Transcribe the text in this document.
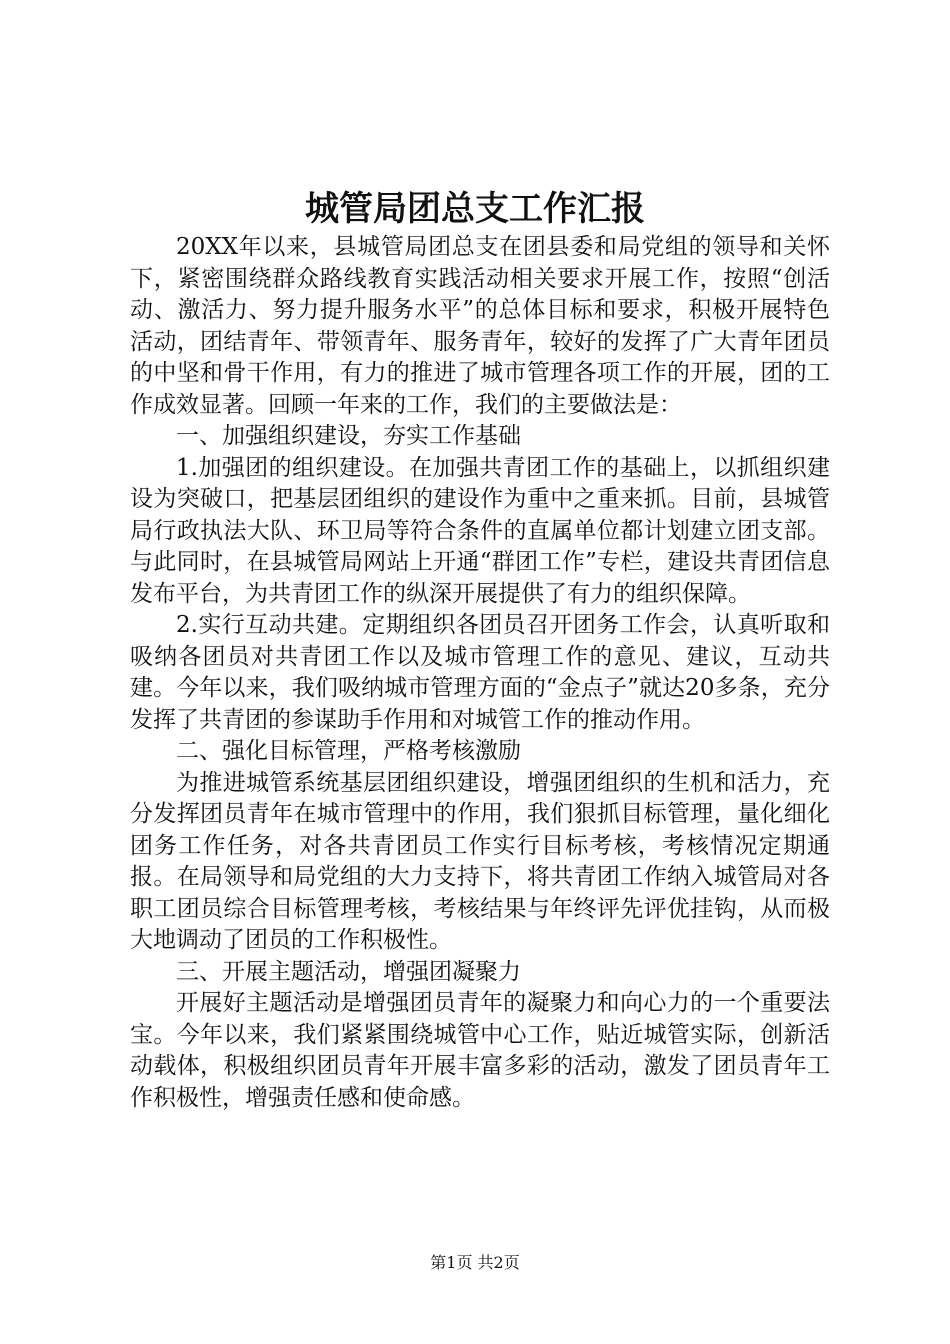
城管局团总支工作汇报

20XX年以来，县城管局团总支在团县委和局党组的领导和关怀下，紧密围绕群众路线教育实践活动相关要求开展工作，按照“创活动、激活力、努力提升服务水平”的总体目标和要求，积极开展特色活动，团结青年、带领青年、服务青年，较好的发挥了广大青年团员的中坚和骨干作用，有力的推进了城市管理各项工作的开展，团的工作成效显著。回顾一年来的工作，我们的主要做法是：

一、加强组织建设，夯实工作基础

1.加强团的组织建设。在加强共青团工作的基础上，以抓组织建设为突破口，把基层团组织的建设作为重中之重来抓。目前，县城管局行政执法大队、环卫局等符合条件的直属单位都计划建立团支部。与此同时，在县城管局网站上开通“群团工作”专栏，建设共青团信息发布平台，为共青团工作的纵深开展提供了有力的组织保障。

2.实行互动共建。定期组织各团员召开团务工作会，认真听取和吸纳各团员对共青团工作以及城市管理工作的意见、建议，互动共建。今年以来，我们吸纳城市管理方面的“金点子”就达20多条，充分发挥了共青团的参谋助手作用和对城管工作的推动作用。

二、强化目标管理，严格考核激励

为推进城管系统基层团组织建设，增强团组织的生机和活力，充分发挥团员青年在城市管理中的作用，我们狠抓目标管理，量化细化团务工作任务，对各共青团员工作实行目标考核，考核情况定期通报。在局领导和局党组的大力支持下，将共青团工作纳入城管局对各职工团员综合目标管理考核，考核结果与年终评先评优挂钩，从而极大地调动了团员的工作积极性。

三、开展主题活动，增强团凝聚力

开展好主题活动是增强团员青年的凝聚力和向心力的一个重要法宝。今年以来，我们紧紧围绕城管中心工作，贴近城管实际，创新活动载体，积极组织团员青年开展丰富多彩的活动，激发了团员青年工作积极性，增强责任感和使命感。

第1页 共2页
